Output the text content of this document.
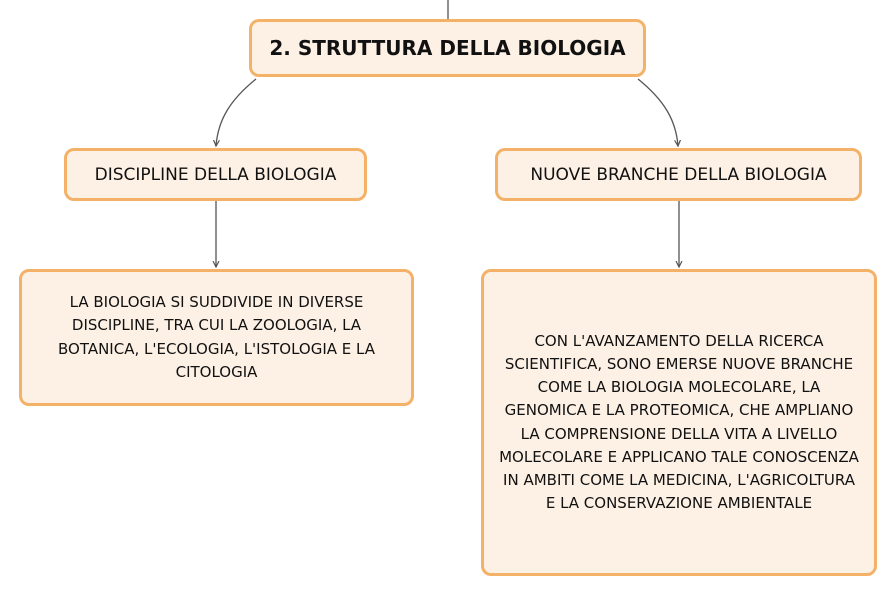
2. STRUTTURA DELLA BIOLOGIA
DISCIPLINE DELLA BIOLOGIA	NUOVE BRANCHE DELLA BIOLOGIA
LA BIOLOGIA SI SUDDIVIDE IN DIVERSE DISCIPLINE, TRA CUI LA ZOOLOGIA, LA BOTANICA, L'ECOLOGIA, L'ISTOLOGIA E LA CITOLOGIA
CON L'AVANZAMENTO DELLA RICERCA SCIENTIFICA, SONO EMERSE NUOVE BRANCHE COME LA BIOLOGIA MOLECOLARE, LA GENOMICA E LA PROTEOMICA, CHE AMPLIANO LA COMPRENSIONE DELLA VITA A LIVELLO MOLECOLARE E APPLICANO TALE CONOSCENZA IN AMBITI COME LA MEDICINA, L'AGRICOLTURA E LA CONSERVAZIONE AMBIENTALE
